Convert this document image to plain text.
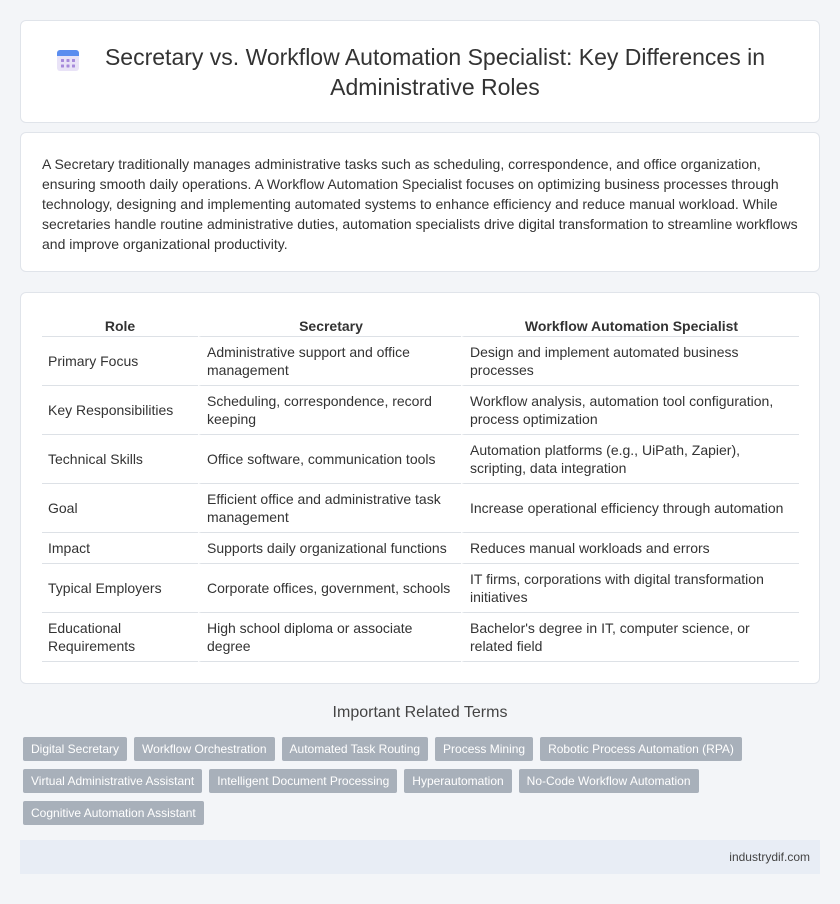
Secretary vs. Workflow Automation Specialist: Key Differences in Administrative Roles

A Secretary traditionally manages administrative tasks such as scheduling, correspondence, and office organization, ensuring smooth daily operations. A Workflow Automation Specialist focuses on optimizing business processes through technology, designing and implementing automated systems to enhance efficiency and reduce manual workload. While secretaries handle routine administrative duties, automation specialists drive digital transformation to streamline workflows and improve organizational productivity.

Role	Secretary	Workflow Automation Specialist
Primary Focus	Administrative support and office management	Design and implement automated business processes
Key Responsibilities	Scheduling, correspondence, record keeping	Workflow analysis, automation tool configuration, process optimization
Technical Skills	Office software, communication tools	Automation platforms (e.g., UiPath, Zapier), scripting, data integration
Goal	Efficient office and administrative task management	Increase operational efficiency through automation
Impact	Supports daily organizational functions	Reduces manual workloads and errors
Typical Employers	Corporate offices, government, schools	IT firms, corporations with digital transformation initiatives
Educational Requirements	High school diploma or associate degree	Bachelor's degree in IT, computer science, or related field
Important Related Terms
Digital Secretary	Workflow Orchestration	Automated Task Routing	Process Mining	Robotic Process Automation (RPA)
Virtual Administrative Assistant	Intelligent Document Processing	Hyperautomation	No-Code Workflow Automation
Cognitive Automation Assistant
industrydif.com
